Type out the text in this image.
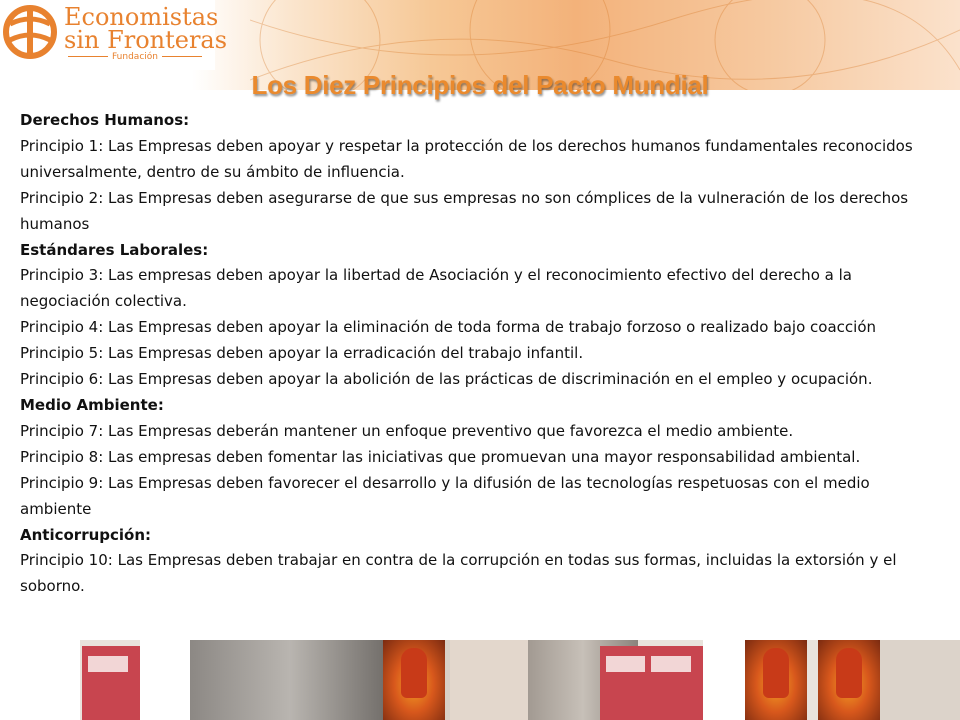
Economistas
sin Fronteras
Fundación
Los Diez Principios del Pacto Mundial

Derechos Humanos:

Principio 1: Las Empresas deben apoyar y respetar la protección de los derechos humanos fundamentales reconocidos universalmente, dentro de su ámbito de influencia.

Principio 2: Las Empresas deben asegurarse de que sus empresas no son cómplices de la vulneración de los derechos humanos

Estándares Laborales:

Principio 3: Las empresas deben apoyar la libertad de Asociación y el reconocimiento efectivo del derecho a la negociación colectiva.

Principio 4: Las Empresas deben apoyar la eliminación de toda forma de trabajo forzoso o realizado bajo coacción

Principio 5: Las Empresas deben apoyar la erradicación del trabajo infantil.

Principio 6: Las Empresas deben apoyar la abolición de las prácticas de discriminación en el empleo y ocupación.

Medio Ambiente:

Principio 7: Las Empresas deberán mantener un enfoque preventivo que favorezca el medio ambiente.

Principio 8: Las empresas deben fomentar las iniciativas que promuevan una mayor responsabilidad ambiental.

Principio 9: Las Empresas deben favorecer el desarrollo y la difusión de las tecnologías respetuosas con el medio ambiente

Anticorrupción:

Principio 10: Las Empresas deben trabajar en contra de la corrupción en todas sus formas, incluidas la extorsión y el soborno.
